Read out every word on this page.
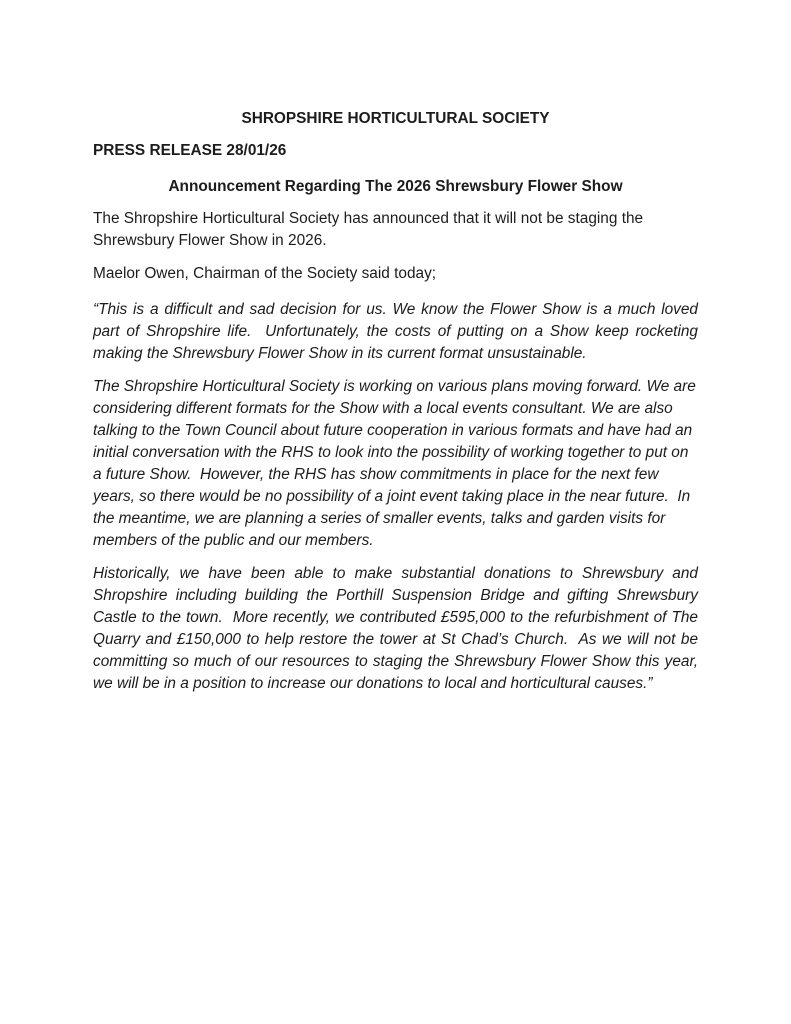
SHROPSHIRE HORTICULTURAL SOCIETY
PRESS RELEASE 28/01/26
Announcement Regarding The 2026 Shrewsbury Flower Show

The Shropshire Horticultural Society has announced that it will not be staging the Shrewsbury Flower Show in 2026.

Maelor Owen, Chairman of the Society said today;

“This is a difficult and sad decision for us. We know the Flower Show is a much loved part of Shropshire life.  Unfortunately, the costs of putting on a Show keep rocketing making the Shrewsbury Flower Show in its current format unsustainable.

The Shropshire Horticultural Society is working on various plans moving forward. We are considering different formats for the Show with a local events consultant. We are also talking to the Town Council about future cooperation in various formats and have had an initial conversation with the RHS to look into the possibility of working together to put on a future Show.  However, the RHS has show commitments in place for the next few years, so there would be no possibility of a joint event taking place in the near future.  In the meantime, we are planning a series of smaller events, talks and garden visits for members of the public and our members.

Historically, we have been able to make substantial donations to Shrewsbury and Shropshire including building the Porthill Suspension Bridge and gifting Shrewsbury Castle to the town.  More recently, we contributed £595,000 to the refurbishment of The Quarry and £150,000 to help restore the tower at St Chad’s Church.  As we will not be committing so much of our resources to staging the Shrewsbury Flower Show this year, we will be in a position to increase our donations to local and horticultural causes.”
